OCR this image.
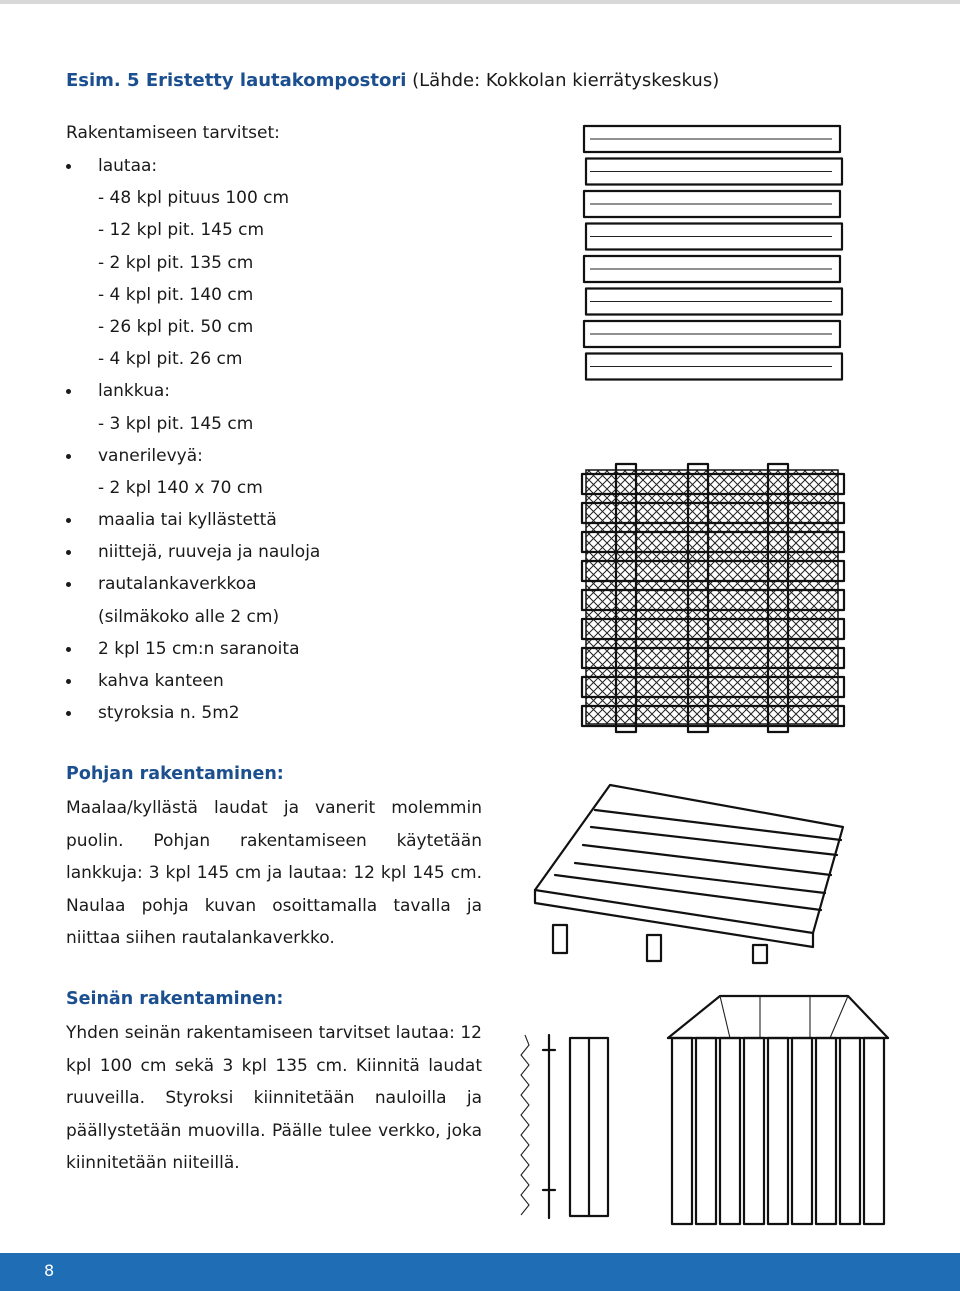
Esim. 5 Eristetty lautakompostori (Lähde: Kokkolan kierrätyskeskus)
Rakentamiseen tarvitset:
lautaa:
- 48 kpl pituus 100 cm
- 12 kpl pit. 145 cm
- 2 kpl pit. 135 cm
- 4 kpl pit. 140 cm
- 26 kpl pit. 50 cm
- 4 kpl pit. 26 cm
lankkua:
- 3 kpl pit. 145 cm
vanerilevyä:
- 2 kpl 140 x 70 cm
maalia tai kyllästettä
niittejä, ruuveja ja nauloja
rautalankaverkkoa
(silmäkoko alle 2 cm)
2 kpl 15 cm:n saranoita
kahva kanteen
styroksia n. 5m2
Pohjan rakentaminen:

Maalaa/kyllästä laudat ja vanerit molemmin puolin. Pohjan rakentamiseen käytetään lankkuja: 3 kpl 145 cm ja lautaa: 12 kpl 145 cm. Naulaa pohja kuvan osoittamalla tavalla ja niittaa siihen rautalankaverkko.

Seinän rakentaminen:

Yhden seinän rakentamiseen tarvitset lautaa: 12 kpl 100 cm sekä 3 kpl 135 cm. Kiinnitä laudat ruuveilla. Styroksi kiinnitetään nauloilla ja päällystetään muovilla. Päälle tulee verkko, joka kiinnitetään niiteillä.

8
